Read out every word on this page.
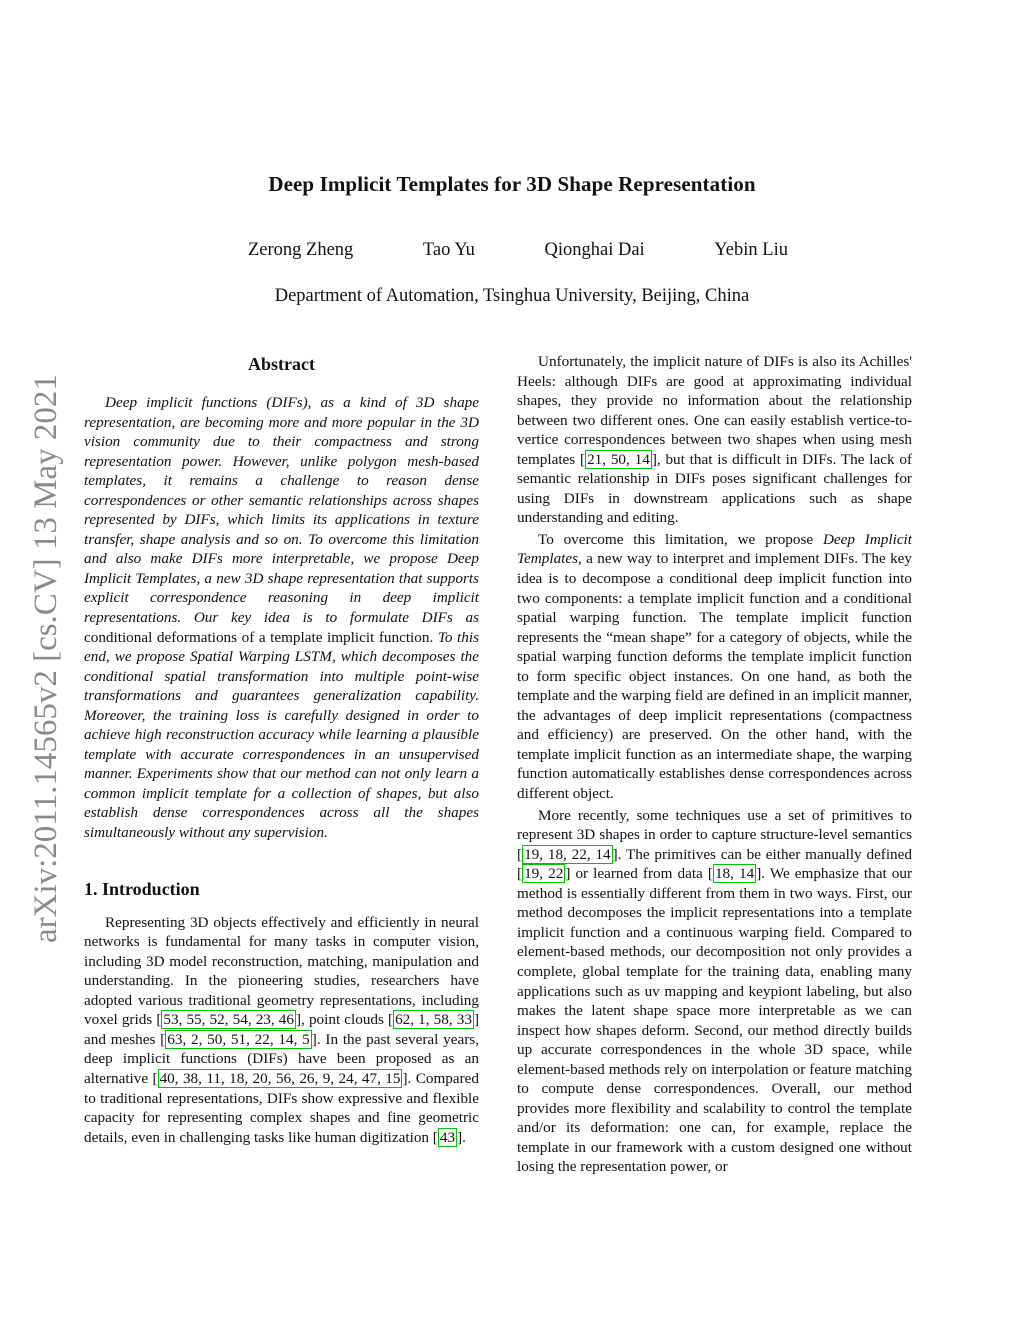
Deep Implicit Templates for 3D Shape Representation
Zerong Zheng	Tao Yu	Qionghai Dai	Yebin Liu
Department of Automation, Tsinghua University, Beijing, China
arXiv:2011.14565v2 [cs.CV] 13 May 2021
Abstract

Deep implicit functions (DIFs), as a kind of 3D shape representation, are becoming more and more popular in the 3D vision community due to their compactness and strong representation power. However, unlike polygon mesh-based templates, it remains a challenge to reason dense correspondences or other semantic relationships across shapes represented by DIFs, which limits its applications in texture transfer, shape analysis and so on. To overcome this limitation and also make DIFs more interpretable, we propose Deep Implicit Templates, a new 3D shape representation that supports explicit correspondence reasoning in deep implicit representations. Our key idea is to formulate DIFs as conditional deformations of a template implicit function. To this end, we propose Spatial Warping LSTM, which decomposes the conditional spatial transformation into multiple point-wise transformations and guarantees generalization capability. Moreover, the training loss is carefully designed in order to achieve high reconstruction accuracy while learning a plausible template with accurate correspondences in an unsupervised manner. Experiments show that our method can not only learn a common implicit template for a collection of shapes, but also establish dense correspondences across all the shapes simultaneously without any supervision.

1. Introduction

Representing 3D objects effectively and efficiently in neural networks is fundamental for many tasks in computer vision, including 3D model reconstruction, matching, manipulation and understanding. In the pioneering studies, researchers have adopted various traditional geometry representations, including voxel grids [ 53, 55, 52, 54, 23, 46 ], point clouds [ 62, 1, 58, 33 ] and meshes [ 63, 2, 50, 51, 22, 14, 5 ]. In the past several years, deep implicit functions (DIFs) have been proposed as an alternative [ 40, 38, 11, 18, 20, 56, 26, 9, 24, 47, 15 ]. Compared to traditional representations, DIFs show expressive and flexible capacity for representing complex shapes and fine geometric details, even in challenging tasks like human digitization [ 43 ].

Unfortunately, the implicit nature of DIFs is also its Achilles' Heels: although DIFs are good at approximating individual shapes, they provide no information about the relationship between two different ones. One can easily establish vertice-to-vertice correspondences between two shapes when using mesh templates [ 21, 50, 14 ], but that is difficult in DIFs. The lack of semantic relationship in DIFs poses significant challenges for using DIFs in downstream applications such as shape understanding and editing.

To overcome this limitation, we propose Deep Implicit Templates, a new way to interpret and implement DIFs. The key idea is to decompose a conditional deep implicit function into two components: a template implicit function and a conditional spatial warping function. The template implicit function represents the “mean shape” for a category of objects, while the spatial warping function deforms the template implicit function to form specific object instances. On one hand, as both the template and the warping field are defined in an implicit manner, the advantages of deep implicit representations (compactness and efficiency) are preserved. On the other hand, with the template implicit function as an intermediate shape, the warping function automatically establishes dense correspondences across different object.

More recently, some techniques use a set of primitives to represent 3D shapes in order to capture structure-level semantics [ 19, 18, 22, 14 ]. The primitives can be either manually defined [ 19, 22 ] or learned from data [ 18, 14 ]. We emphasize that our method is essentially different from them in two ways. First, our method decomposes the implicit representations into a template implicit function and a continuous warping field. Compared to element-based methods, our decomposition not only provides a complete, global template for the training data, enabling many applications such as uv mapping and keypiont labeling, but also makes the latent shape space more interpretable as we can inspect how shapes deform. Second, our method directly builds up accurate correspondences in the whole 3D space, while element-based methods rely on interpolation or feature matching to compute dense correspondences. Overall, our method provides more flexibility and scalability to control the template and/or its deformation: one can, for example, replace the template in our framework with a custom designed one without losing the representation power, or
